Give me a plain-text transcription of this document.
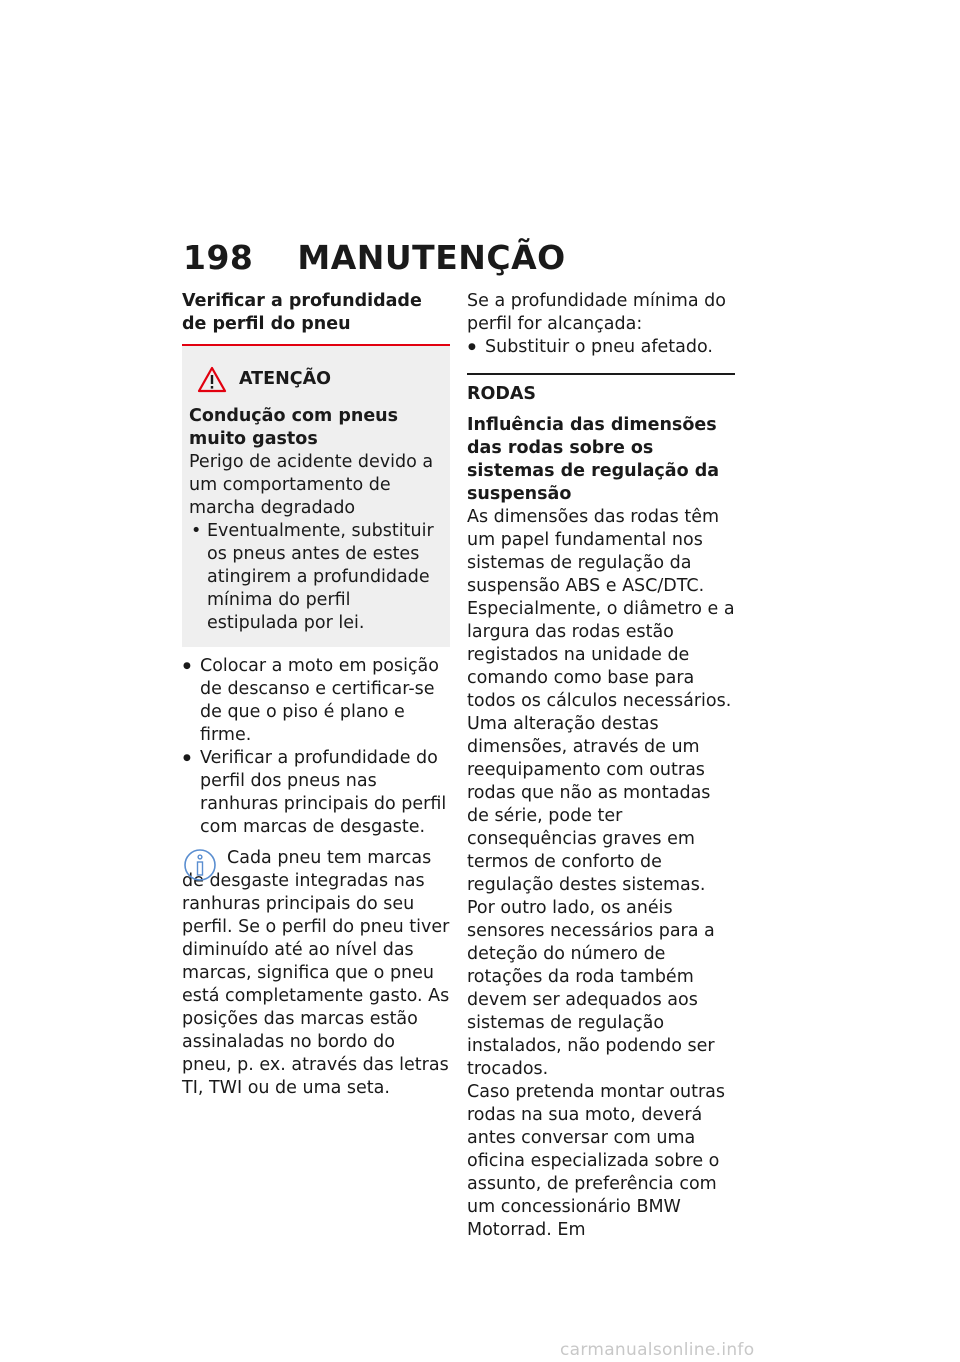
198 MANUTENÇÃO
Verificar a profundidade de perfil do pneu
ATENÇÃO
Condução com pneus muito gastos
Perigo de acidente devido a um comportamento de marcha degradado
• Eventualmente, substituir os pneus antes de estes atingirem a profundidade mínima do perfil estipulada por lei.
● Colocar a moto em posição de descanso e certificar-se de que o piso é plano e firme.
● Verificar a profundidade do perfil dos pneus nas ranhuras principais do perfil com marcas de desgaste.
Cada pneu tem marcas de desgaste integradas nas ranhuras principais do seu perfil. Se o perfil do pneu tiver diminuído até ao nível das marcas, significa que o pneu está completamente gasto. As posições das marcas estão assinaladas no bordo do pneu, p. ex. através das letras TI, TWI ou de uma seta.
Se a profundidade mínima do perfil for alcançada:
● Substituir o pneu afetado.
RODAS
Influência das dimensões das rodas sobre os sistemas de regulação da suspensão
As dimensões das rodas têm um papel fundamental nos sistemas de regulação da suspensão ABS e ASC/DTC. Especialmente, o diâmetro e a largura das rodas estão registados na unidade de comando como base para todos os cálculos necessários. Uma alteração destas dimensões, através de um reequipamento com outras rodas que não as montadas de série, pode ter consequências graves em termos de conforto de regulação destes sistemas.
Por outro lado, os anéis sensores necessários para a deteção do número de rotações da roda também devem ser adequados aos sistemas de regulação instalados, não podendo ser trocados.
Caso pretenda montar outras rodas na sua moto, deverá antes conversar com uma oficina especializada sobre o assunto, de preferência com um concessionário BMW Motorrad. Em
carmanualsonline.info
